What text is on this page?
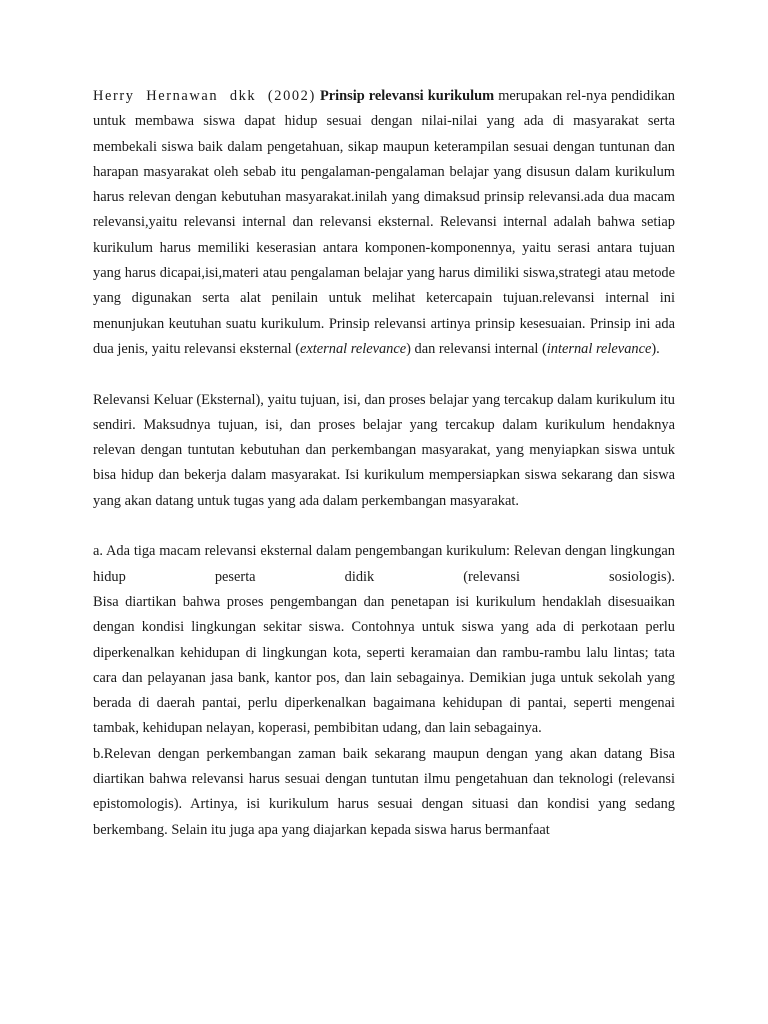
Herry Hernawan dkk (2002) Prinsip relevansi kurikulum merupakan rel-nya pendidikan untuk membawa siswa dapat hidup sesuai dengan nilai-nilai yang ada di masyarakat serta membekali siswa baik dalam pengetahuan, sikap maupun keterampilan sesuai dengan tuntunan dan harapan masyarakat oleh sebab itu pengalaman-pengalaman belajar yang disusun dalam kurikulum harus relevan dengan kebutuhan masyarakat.inilah yang dimaksud prinsip relevansi.ada dua macam relevansi,yaitu relevansi internal dan relevansi eksternal. Relevansi internal adalah bahwa setiap kurikulum harus memiliki keserasian antara komponen-komponennya, yaitu serasi antara tujuan yang harus dicapai,isi,materi atau pengalaman belajar yang harus dimiliki siswa,strategi atau metode yang digunakan serta alat penilain untuk melihat ketercapain tujuan.relevansi internal ini menunjukan keutuhan suatu kurikulum. Prinsip relevansi artinya prinsip kesesuaian. Prinsip ini ada dua jenis, yaitu relevansi eksternal (external relevance) dan relevansi internal (internal relevance).

Relevansi Keluar (Eksternal), yaitu tujuan, isi, dan proses belajar yang tercakup dalam kurikulum itu sendiri. Maksudnya tujuan, isi, dan proses belajar yang tercakup dalam kurikulum hendaknya relevan dengan tuntutan kebutuhan dan perkembangan masyarakat, yang menyiapkan siswa untuk bisa hidup dan bekerja dalam masyarakat. Isi kurikulum mempersiapkan siswa sekarang dan siswa yang akan datang untuk tugas yang ada dalam perkembangan masyarakat.

a. Ada tiga macam relevansi eksternal dalam pengembangan kurikulum: Relevan dengan lingkungan hidup peserta didik (relevansi sosiologis).

Bisa diartikan bahwa proses pengembangan dan penetapan isi kurikulum hendaklah disesuaikan dengan kondisi lingkungan sekitar siswa. Contohnya untuk siswa yang ada di perkotaan perlu diperkenalkan kehidupan di lingkungan kota, seperti keramaian dan rambu-rambu lalu lintas; tata cara dan pelayanan jasa bank, kantor pos, dan lain sebagainya. Demikian juga untuk sekolah yang berada di daerah pantai, perlu diperkenalkan bagaimana kehidupan di pantai, seperti mengenai tambak, kehidupan nelayan, koperasi, pembibitan udang, dan lain sebagainya.

b.Relevan dengan perkembangan zaman baik sekarang maupun dengan yang akan datang Bisa diartikan bahwa relevansi harus sesuai dengan tuntutan ilmu pengetahuan dan teknologi (relevansi epistomologis). Artinya, isi kurikulum harus sesuai dengan situasi dan kondisi yang sedang berkembang. Selain itu juga apa yang diajarkan kepada siswa harus bermanfaat
